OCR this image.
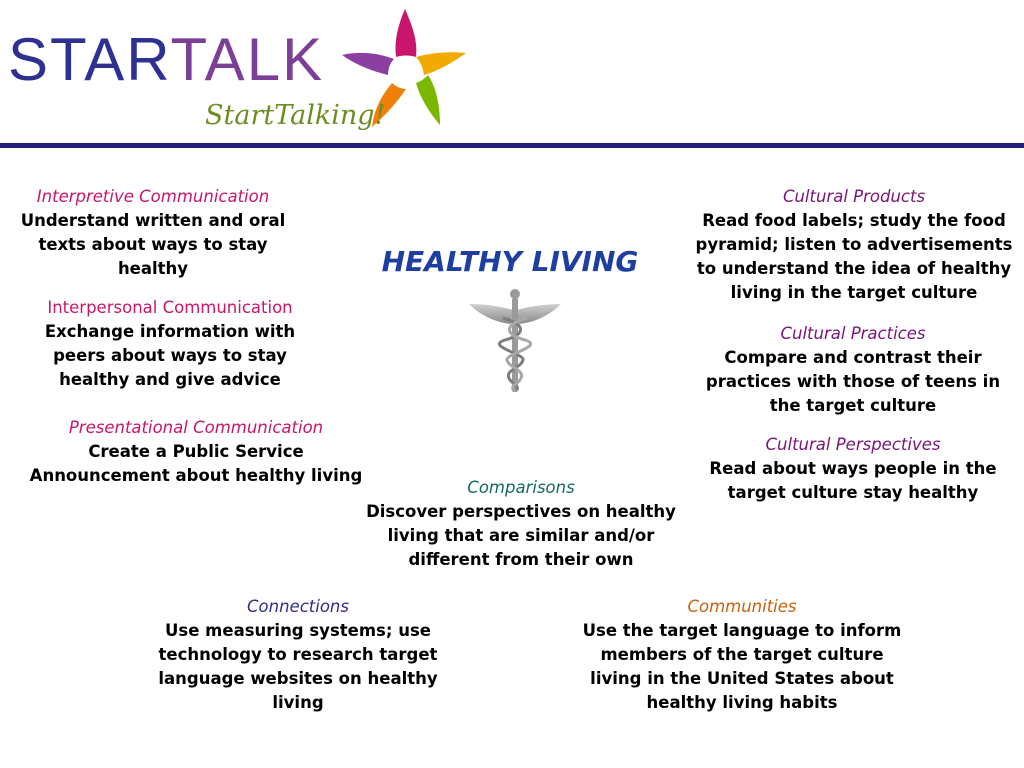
STARTALK
StartTalking!
HEALTHY LIVING
Interpretive Communication
Understand written and oral texts about ways to stay healthy
Interpersonal Communication
Exchange information with peers about ways to stay healthy and give advice
Presentational Communication
Create a Public Service Announcement about healthy living
Cultural Products
Read food labels; study the food pyramid; listen to advertisements to understand the idea of healthy living in the target culture
Cultural Practices
Compare and contrast their practices with those of teens in the target culture
Cultural Perspectives
Read about ways people in the target culture stay healthy
Comparisons
Discover perspectives on healthy living that are similar and/or different from their own
Connections
Use measuring systems; use technology to research target language websites on healthy living
Communities
Use the target language to inform members of the target culture living in the United States about healthy living habits
